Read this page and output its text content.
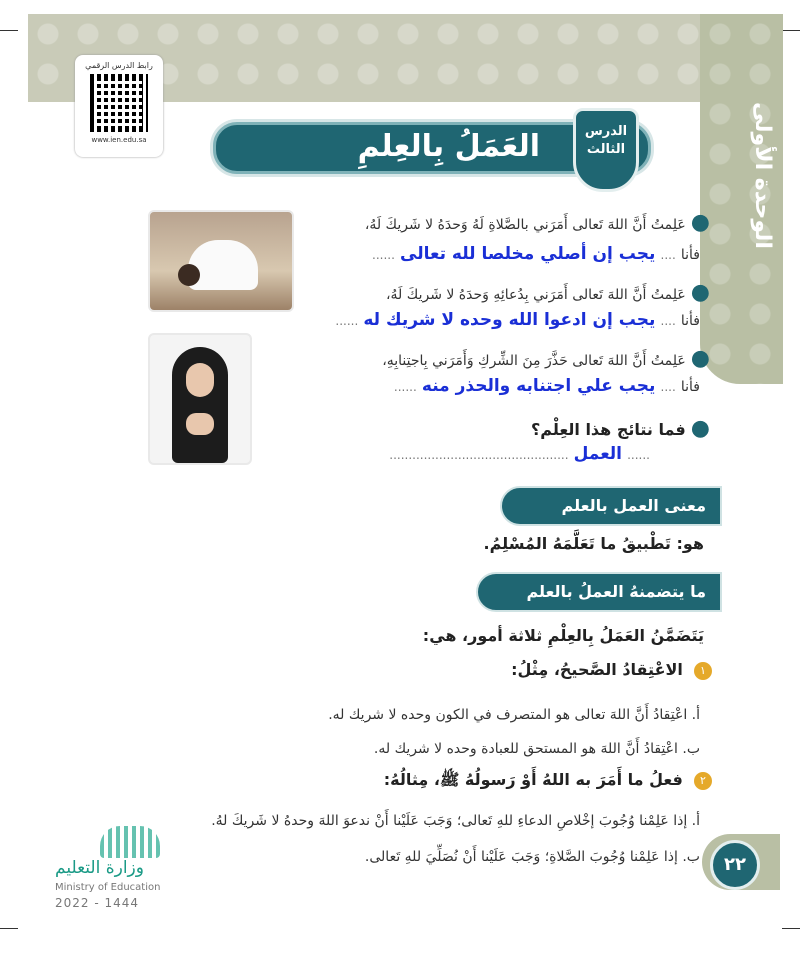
الوحدة الأولى
رابط الدرس الرقمي
www.ien.edu.sa	العَمَلُ بِالعِلمِ الشرعي
الدرس
الثالث
● عَلِمتُ أَنَّ اللهَ تَعالى أَمَرَني بالصَّلاةِ لَهُ وَحدَهُ لا شَريكَ لَهُ،
فأنا .... يجب إن أصلي مخلصا لله تعالى ......
● عَلِمتُ أَنَّ اللهَ تَعالى أَمَرَني بِدُعائِهِ وَحدَهُ لا شَريكَ لَهُ،
فأنا .... يجب إن ادعوا الله وحده لا شريك له ......
● عَلِمتُ أَنَّ اللهَ تَعالى حَذَّرَ مِنَ الشِّركِ وَأَمَرَني بِاجتِنابِهِ،
فأنا .... يجب علي اجتنابه والحذر منه ......
● فما نتائج هذا العِلْم؟
...... العمل ...............................................
معنى العمل بالعلم
هو: تَطْبيقُ ما تَعَلَّمَهُ المُسْلِمُ.
ما يتضمنهُ العملُ بالعلم
يَتَضَمَّنُ العَمَلُ بِالعِلْمِ ثلاثة أمور، هي:
١ الاعْتِقادُ الصَّحيحُ، مِثْلُ:
أ. اعْتِقادُ أَنَّ اللهَ تعالى هو المتصرف في الكون وحده لا شريك له.
ب. اعْتِقادُ أَنَّ اللهَ هو المستحق للعبادة وحده لا شريك له.
٢ فعلُ ما أَمَرَ به اللهُ أَوْ رَسولُهُ ﷺ، مِثالُهُ:
أ. إذا عَلِمْنا وُجُوبَ إخْلاصِ الدعاءِ للهِ تَعالى؛ وَجَبَ عَلَيْنا أَنْ ندعوَ اللهَ وحدهُ لا شَريكَ لهُ.
ب. إذا عَلِمْنا وُجُوبَ الصَّلاةِ؛ وَجَبَ عَلَيْنا أَنْ نُصَلِّيَ للهِ تَعالى.	٢٢
وزارة التعليم
Ministry of Education
2022 - 1444
